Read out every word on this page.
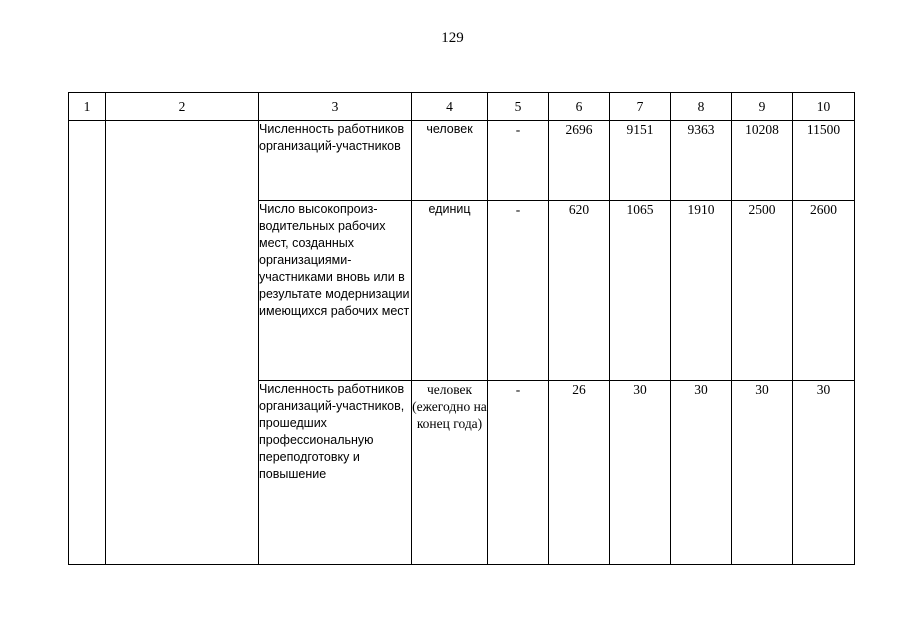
129
1	2	3	4	5	6	7	8	9	10
		Численность работников организаций-участников	человек	-	2696	9151	9363	10208	11500
		Число высокопроиз-водительных рабочих мест, созданных организациями-участниками вновь или в результате модернизации имеющихся рабочих мест	единиц	-	620	1065	1910	2500	2600
		Численность работников организаций-участников, прошедших профессиональную переподготовку и повышение	человек (ежегодно на конец года)	-	26	30	30	30	30
